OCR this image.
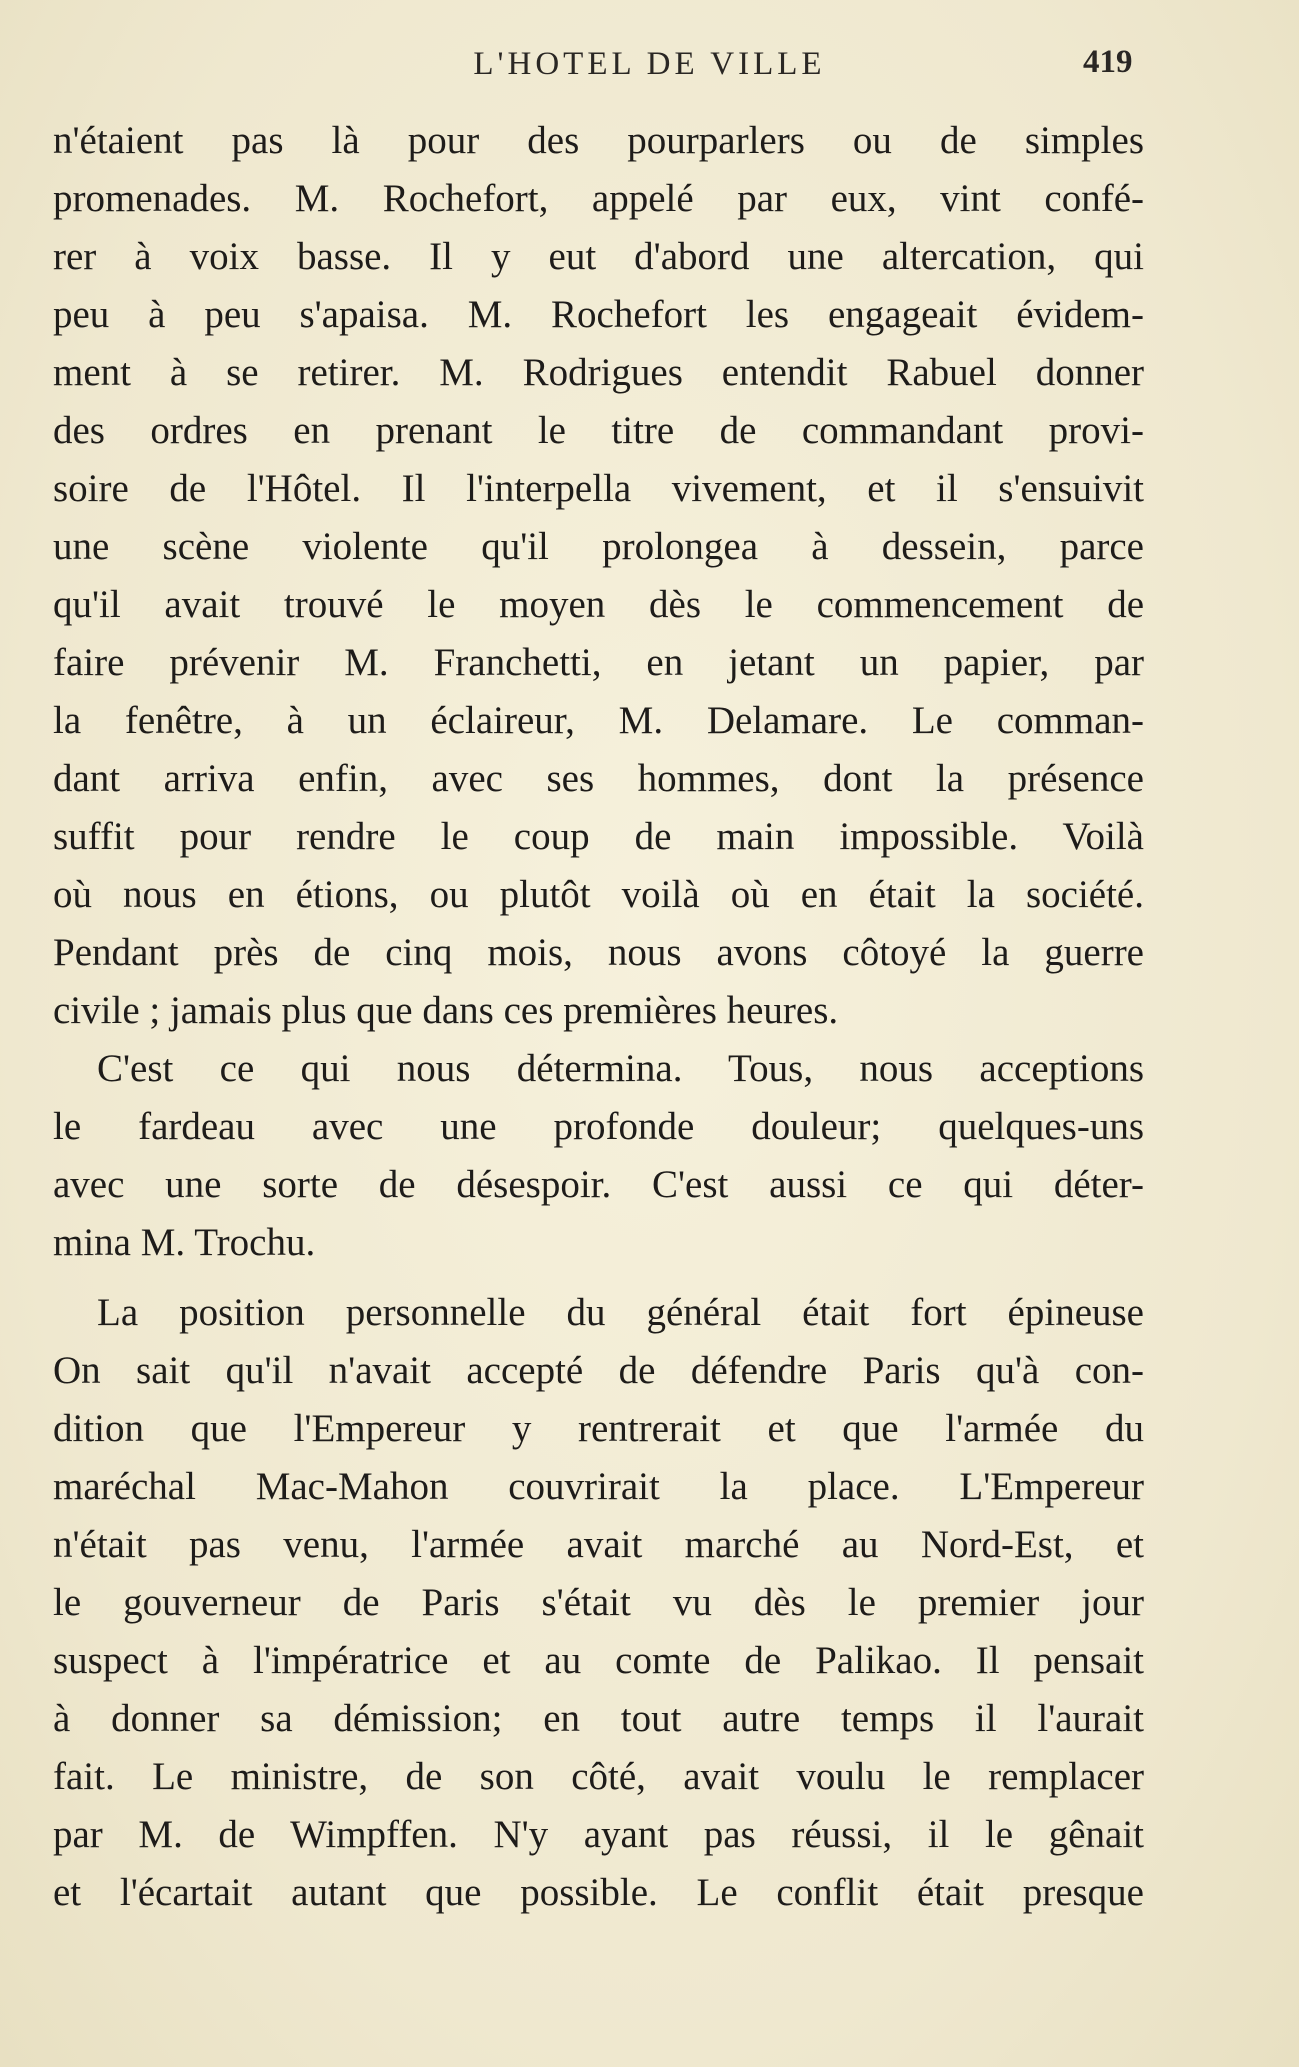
L'HOTEL DE VILLE	419
n'étaient pas là pour des pourparlers ou de simples
promenades. M. Rochefort, appelé par eux, vint confé-
rer à voix basse. Il y eut d'abord une altercation, qui
peu à peu s'apaisa. M. Rochefort les engageait évidem-
ment à se retirer. M. Rodrigues entendit Rabuel donner
des ordres en prenant le titre de commandant provi-
soire de l'Hôtel. Il l'interpella vivement, et il s'ensuivit
une scène violente qu'il prolongea à dessein, parce
qu'il avait trouvé le moyen dès le commencement de
faire prévenir M. Franchetti, en jetant un papier, par
la fenêtre, à un éclaireur, M. Delamare. Le comman-
dant arriva enfin, avec ses hommes, dont la présence
suffit pour rendre le coup de main impossible. Voilà
où nous en étions, ou plutôt voilà où en était la société.
Pendant près de cinq mois, nous avons côtoyé la guerre
civile ; jamais plus que dans ces premières heures.
C'est ce qui nous détermina. Tous, nous acceptions
le fardeau avec une profonde douleur; quelques-uns
avec une sorte de désespoir. C'est aussi ce qui déter-
mina M. Trochu.
La position personnelle du général était fort épineuse
On sait qu'il n'avait accepté de défendre Paris qu'à con-
dition que l'Empereur y rentrerait et que l'armée du
maréchal Mac-Mahon couvrirait la place. L'Empereur
n'était pas venu, l'armée avait marché au Nord-Est, et
le gouverneur de Paris s'était vu dès le premier jour
suspect à l'impératrice et au comte de Palikao. Il pensait
à donner sa démission; en tout autre temps il l'aurait
fait. Le ministre, de son côté, avait voulu le remplacer
par M. de Wimpffen. N'y ayant pas réussi, il le gênait
et l'écartait autant que possible. Le conflit était presque
